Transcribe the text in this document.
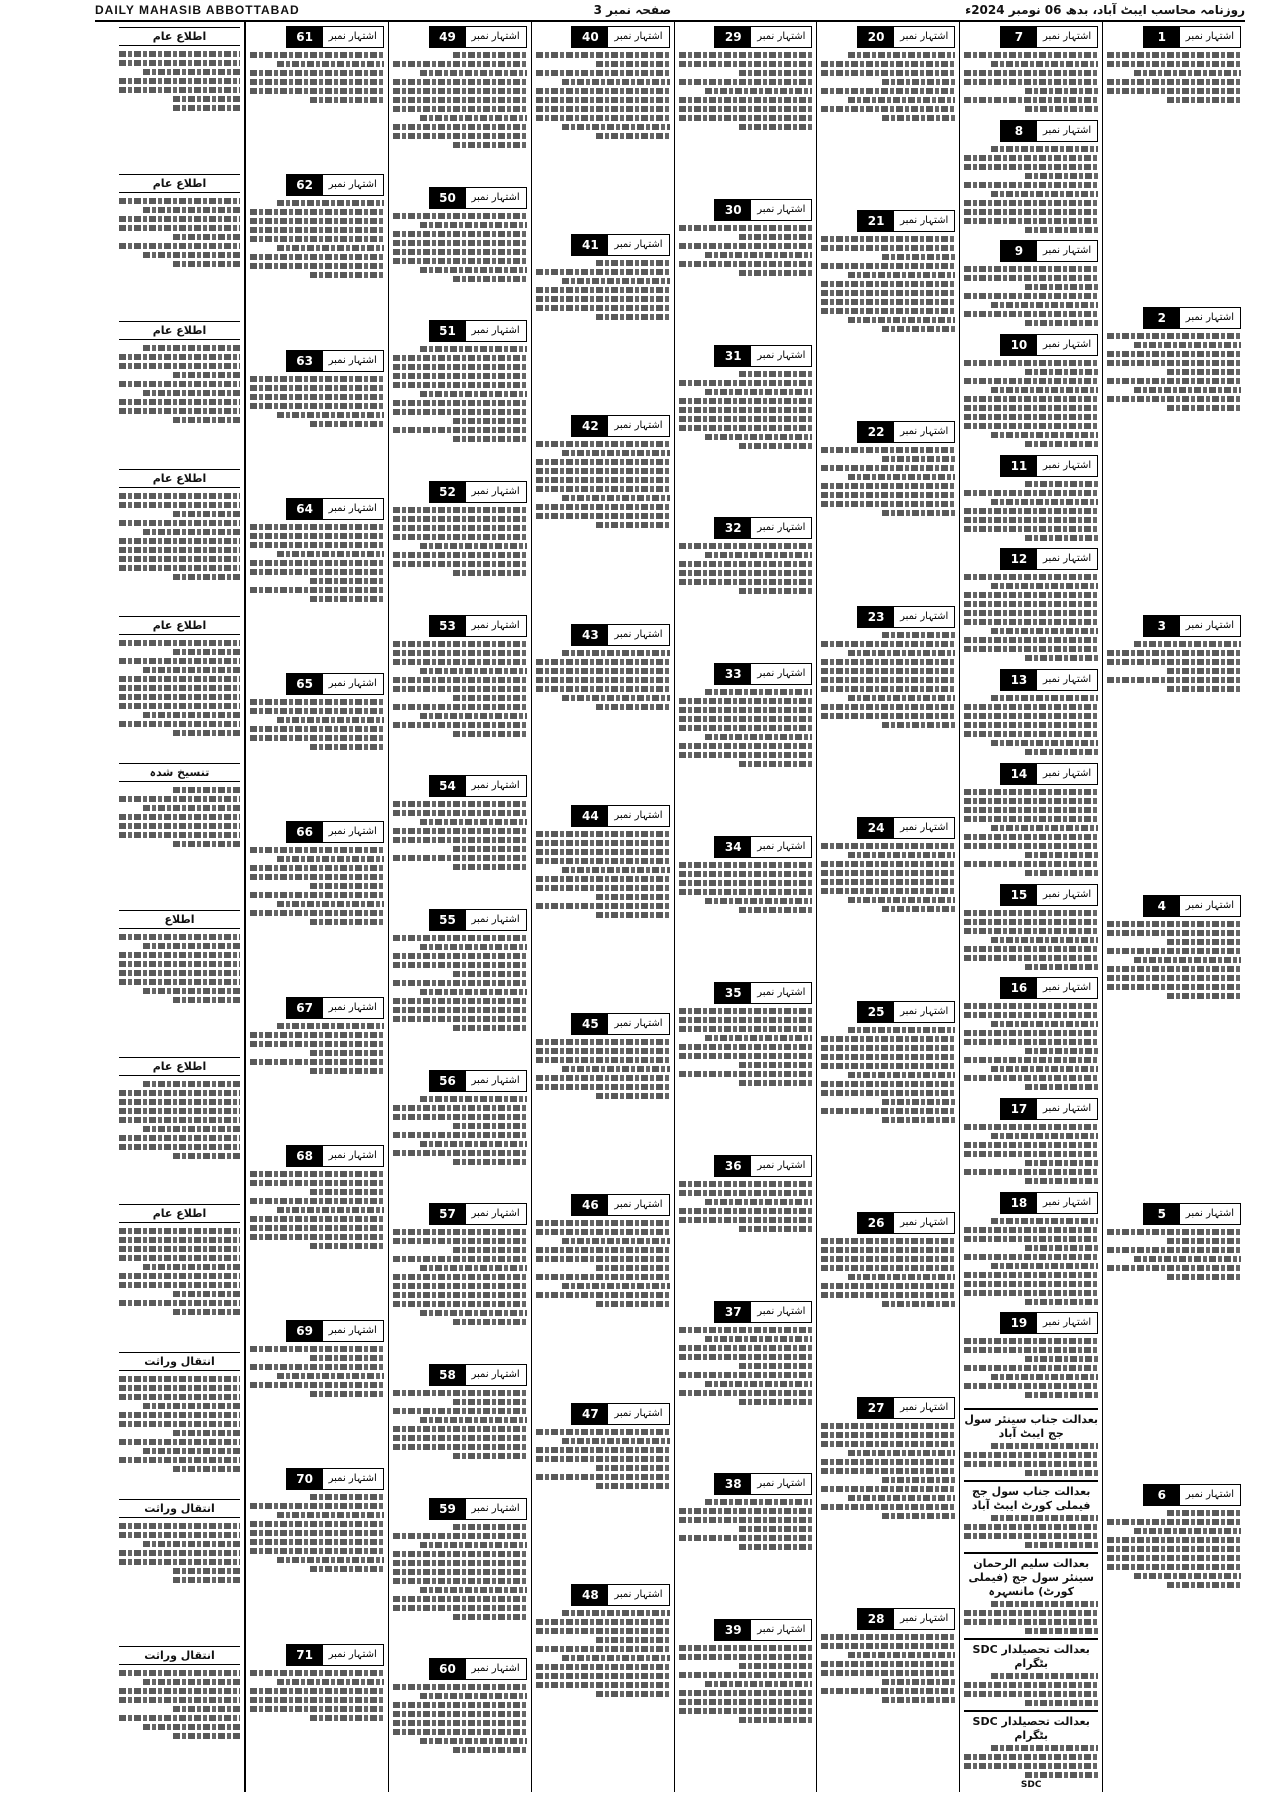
DAILY MAHASIB ABBOTTABAD	صفحہ نمبر 3	روزنامہ محاسب ایبٹ آباد، بدھ 06 نومبر 2024ء
1	اشتہار نمبر
2	اشتہار نمبر
3	اشتہار نمبر
4	اشتہار نمبر
5	اشتہار نمبر
6	اشتہار نمبر
7	اشتہار نمبر
8	اشتہار نمبر
9	اشتہار نمبر
10	اشتہار نمبر
11	اشتہار نمبر
12	اشتہار نمبر
13	اشتہار نمبر
14	اشتہار نمبر
15	اشتہار نمبر
16	اشتہار نمبر
17	اشتہار نمبر
18	اشتہار نمبر
19	اشتہار نمبر
بعدالت جناب سینئر سول جج ایبٹ آباد
بعدالت جناب سول جج فیملی کورٹ ایبٹ آباد
بعدالت سلیم الرحمان سینئر سول جج (فیملی کورٹ) مانسہرہ
بعدالت تحصیلدار SDC بٹگرام
بعدالت تحصیلدار SDC بٹگرام
SDC
20	اشتہار نمبر
21	اشتہار نمبر
22	اشتہار نمبر
23	اشتہار نمبر
24	اشتہار نمبر
25	اشتہار نمبر
26	اشتہار نمبر
27	اشتہار نمبر
28	اشتہار نمبر
29	اشتہار نمبر
30	اشتہار نمبر
31	اشتہار نمبر
32	اشتہار نمبر
33	اشتہار نمبر
34	اشتہار نمبر
35	اشتہار نمبر
36	اشتہار نمبر
37	اشتہار نمبر
38	اشتہار نمبر
39	اشتہار نمبر
40	اشتہار نمبر
41	اشتہار نمبر
42	اشتہار نمبر
43	اشتہار نمبر
44	اشتہار نمبر
45	اشتہار نمبر
46	اشتہار نمبر
47	اشتہار نمبر
48	اشتہار نمبر
49	اشتہار نمبر
50	اشتہار نمبر
51	اشتہار نمبر
52	اشتہار نمبر
53	اشتہار نمبر
54	اشتہار نمبر
55	اشتہار نمبر
56	اشتہار نمبر
57	اشتہار نمبر
58	اشتہار نمبر
59	اشتہار نمبر
60	اشتہار نمبر
61	اشتہار نمبر
62	اشتہار نمبر
63	اشتہار نمبر
64	اشتہار نمبر
65	اشتہار نمبر
66	اشتہار نمبر
67	اشتہار نمبر
68	اشتہار نمبر
69	اشتہار نمبر
70	اشتہار نمبر
71	اشتہار نمبر
اطلاع عام
اطلاع عام
اطلاع عام
اطلاع عام
اطلاع عام
تنسیخ شدہ
اطلاع
اطلاع عام
اطلاع عام
انتقال وراثت
انتقال وراثت
انتقال وراثت
